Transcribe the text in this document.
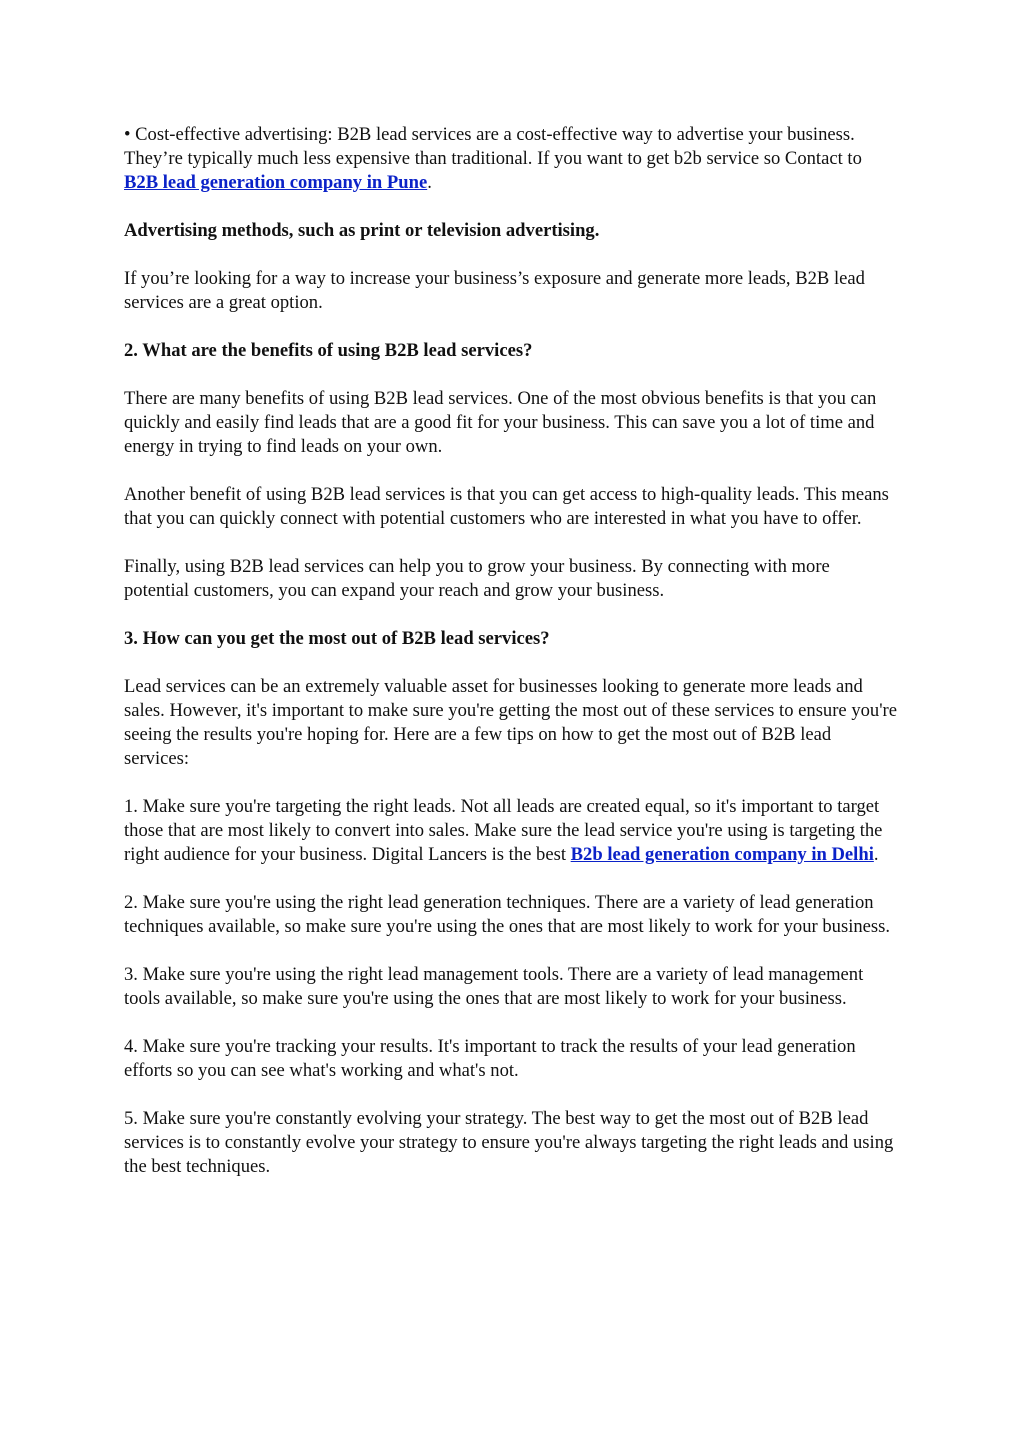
• Cost-effective advertising: B2B lead services are a cost-effective way to advertise your business. They’re typically much less expensive than traditional. If you want to get b2b service so Contact to B2B lead generation company in Pune.

Advertising methods, such as print or television advertising.

If you’re looking for a way to increase your business’s exposure and generate more leads, B2B lead services are a great option.

2. What are the benefits of using B2B lead services?

There are many benefits of using B2B lead services. One of the most obvious benefits is that you can quickly and easily find leads that are a good fit for your business. This can save you a lot of time and energy in trying to find leads on your own.

Another benefit of using B2B lead services is that you can get access to high-quality leads. This means that you can quickly connect with potential customers who are interested in what you have to offer.

Finally, using B2B lead services can help you to grow your business. By connecting with more potential customers, you can expand your reach and grow your business.

3. How can you get the most out of B2B lead services?

Lead services can be an extremely valuable asset for businesses looking to generate more leads and sales. However, it's important to make sure you're getting the most out of these services to ensure you're seeing the results you're hoping for. Here are a few tips on how to get the most out of B2B lead services:

1. Make sure you're targeting the right leads. Not all leads are created equal, so it's important to target those that are most likely to convert into sales. Make sure the lead service you're using is targeting the right audience for your business. Digital Lancers is the best B2b lead generation company in Delhi.

2. Make sure you're using the right lead generation techniques. There are a variety of lead generation techniques available, so make sure you're using the ones that are most likely to work for your business.

3. Make sure you're using the right lead management tools. There are a variety of lead management tools available, so make sure you're using the ones that are most likely to work for your business.

4. Make sure you're tracking your results. It's important to track the results of your lead generation efforts so you can see what's working and what's not.

5. Make sure you're constantly evolving your strategy. The best way to get the most out of B2B lead services is to constantly evolve your strategy to ensure you're always targeting the right leads and using the best techniques.
